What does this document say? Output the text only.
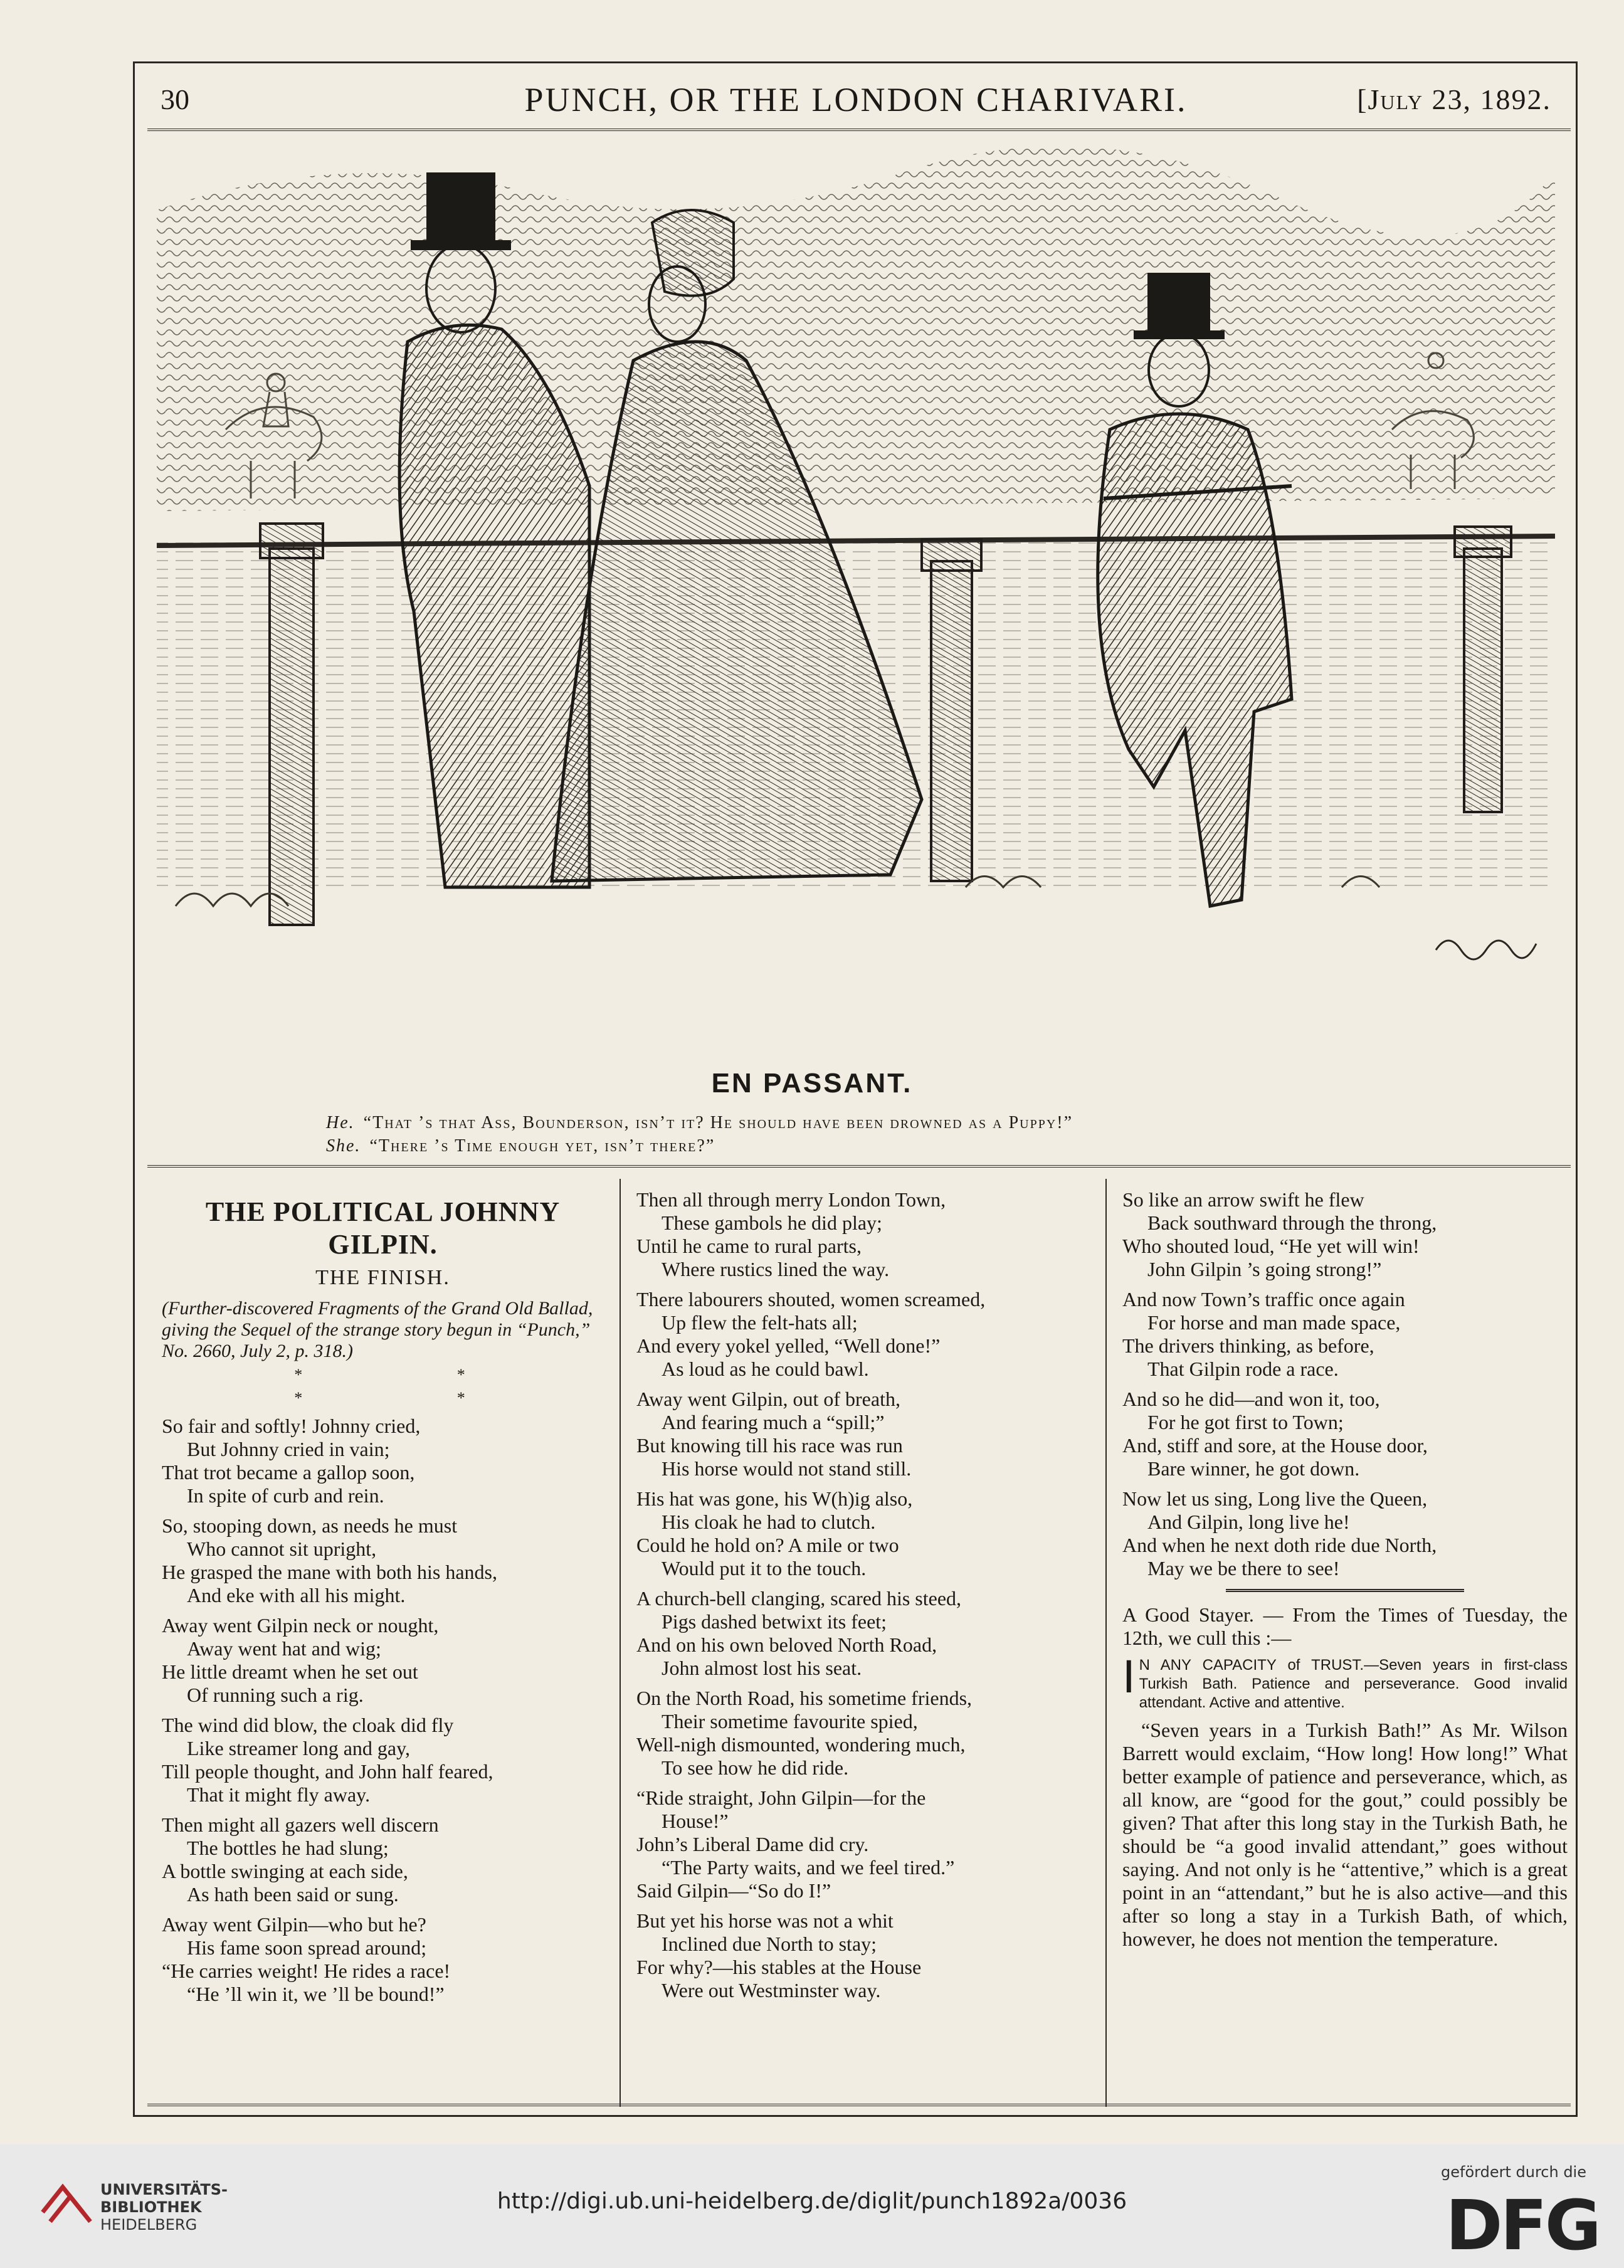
30	PUNCH, OR THE LONDON CHARIVARI.	[July 23, 1892.
EN PASSANT.
He. “That ’s that Ass, Bounderson, isn’t it? He should have been drowned as a Puppy!”
She. “There ’s Time enough yet, isn’t there?”
THE POLITICAL JOHNNY GILPIN.
THE FINISH.
(Further-discovered Fragments of the Grand Old Ballad, giving the Sequel of the strange story begun in “Punch,” No. 2660, July 2, p. 318.)
* * * *
So fair and softly! Johnny cried,
But Johnny cried in vain;
That trot became a gallop soon,
In spite of curb and rein.
So, stooping down, as needs he must
Who cannot sit upright,
He grasped the mane with both his hands,
And eke with all his might.
Away went Gilpin neck or nought,
Away went hat and wig;
He little dreamt when he set out
Of running such a rig.
The wind did blow, the cloak did fly
Like streamer long and gay,
Till people thought, and John half feared,
That it might fly away.
Then might all gazers well discern
The bottles he had slung;
A bottle swinging at each side,
As hath been said or sung.
Away went Gilpin—who but he?
His fame soon spread around;
“He carries weight! He rides a race!
“He ’ll win it, we ’ll be bound!”
Then all through merry London Town,
These gambols he did play;
Until he came to rural parts,
Where rustics lined the way.
There labourers shouted, women screamed,
Up flew the felt-hats all;
And every yokel yelled, “Well done!”
As loud as he could bawl.
Away went Gilpin, out of breath,
And fearing much a “spill;”
But knowing till his race was run
His horse would not stand still.
His hat was gone, his W(h)ig also,
His cloak he had to clutch.
Could he hold on? A mile or two
Would put it to the touch.
A church-bell clanging, scared his steed,
Pigs dashed betwixt its feet;
And on his own beloved North Road,
John almost lost his seat.
On the North Road, his sometime friends,
Their sometime favourite spied,
Well-nigh dismounted, wondering much,
To see how he did ride.
“Ride straight, John Gilpin—for the
House!”
John’s Liberal Dame did cry.
“The Party waits, and we feel tired.”
Said Gilpin—“So do I!”
But yet his horse was not a whit
Inclined due North to stay;
For why?—his stables at the House
Were out Westminster way.
So like an arrow swift he flew
Back southward through the throng,
Who shouted loud, “He yet will win!
John Gilpin ’s going strong!”
And now Town’s traffic once again
For horse and man made space,
The drivers thinking, as before,
That Gilpin rode a race.
And so he did—and won it, too,
For he got first to Town;
And, stiff and sore, at the House door,
Bare winner, he got down.
Now let us sing, Long live the Queen,
And Gilpin, long live he!
And when he next doth ride due North,
May we be there to see!
A Good Stayer. — From the Times of Tuesday, the 12th, we cull this :—
I N ANY CAPACITY of TRUST.—Seven years in first-class Turkish Bath. Patience and perseverance. Good invalid attendant. Active and attentive.
“Seven years in a Turkish Bath!” As Mr. Wilson Barrett would exclaim, “How long! How long!” What better example of patience and perseverance, which, as all know, are “good for the gout,” could possibly be given? That after this long stay in the Turkish Bath, he should be “a good invalid attendant,” goes without saying. And not only is he “attentive,” which is a great point in an “attendant,” but he is also active—and this after so long a stay in a Turkish Bath, of which, however, he does not mention the temperature.
UNIVERSITÄTS-
BIBLIOTHEK
HEIDELBERG
http://digi.ub.uni-heidelberg.de/diglit/punch1892a/0036
gefördert durch die
DFG
